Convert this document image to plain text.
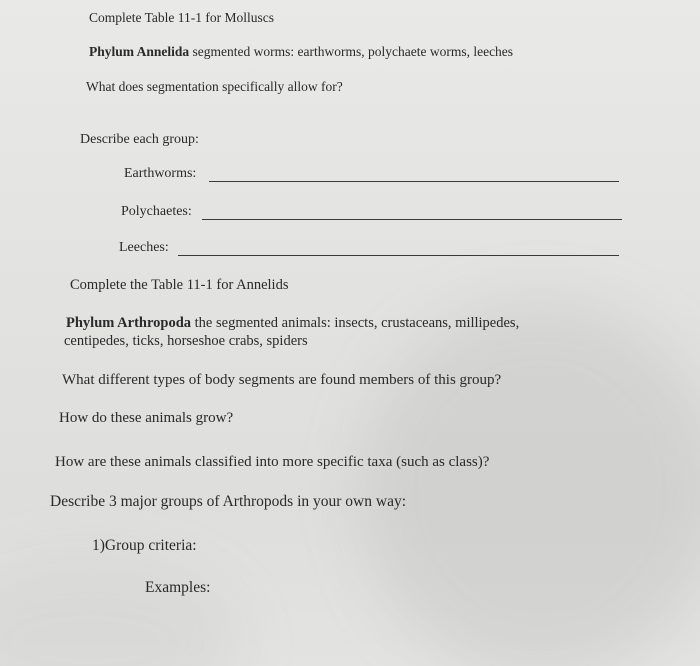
Complete Table 11-1 for Molluscs
Phylum Annelida segmented worms: earthworms, polychaete worms, leeches
What does segmentation specifically allow for?
Describe each group:
Earthworms:
Polychaetes:
Leeches:
Complete the Table 11-1 for Annelids
Phylum Arthropoda the segmented animals: insects, crustaceans, millipedes,
centipedes, ticks, horseshoe crabs, spiders
What different types of body segments are found members of this group?
How do these animals grow?
How are these animals classified into more specific taxa (such as class)?
Describe 3 major groups of Arthropods in your own way:
1)Group criteria:
Examples:
